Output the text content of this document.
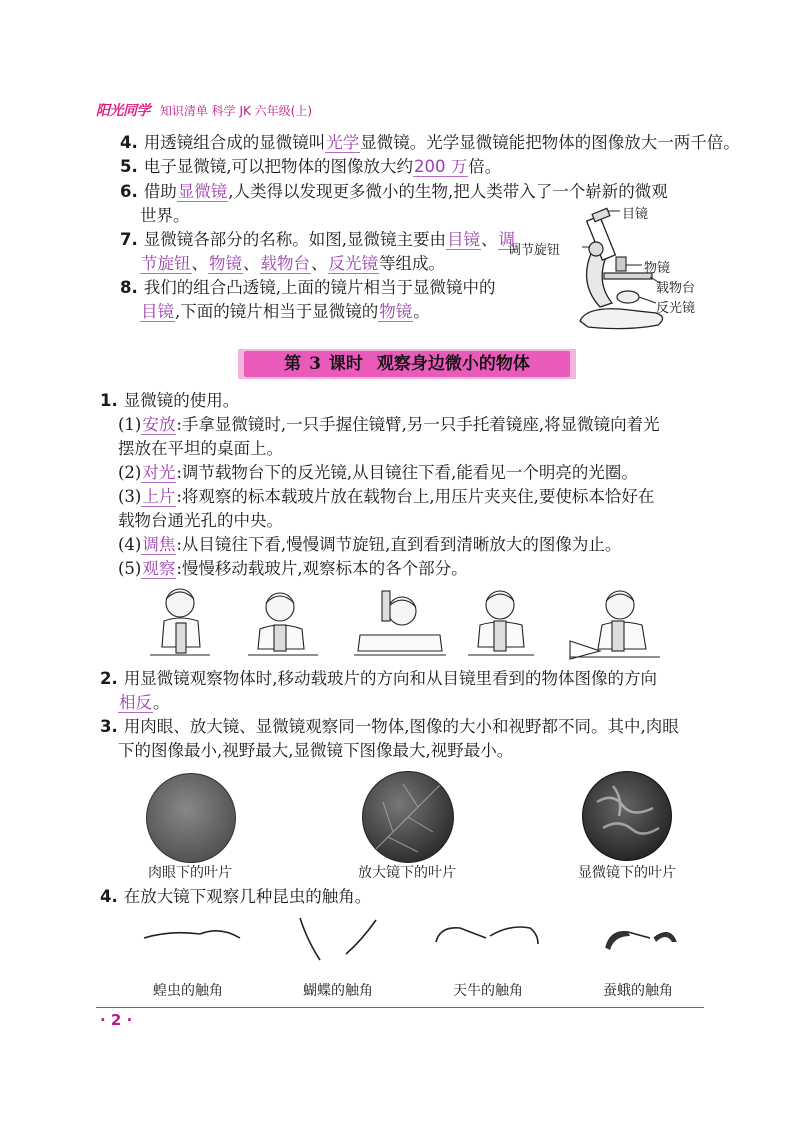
阳光同学 知识清单 科学 JK 六年级(上)
4. 用透镜组合成的显微镜叫光学显微镜。光学显微镜能把物体的图像放大一两千倍。
5. 电子显微镜,可以把物体的图像放大约200 万倍。
6. 借助显微镜,人类得以发现更多微小的生物,把人类带入了一个崭新的微观
世界。
7. 显微镜各部分的名称。如图,显微镜主要由目镜、调
节旋钮、物镜、载物台、反光镜等组成。
8. 我们的组合凸透镜,上面的镜片相当于显微镜中的
目镜,下面的镜片相当于显微镜的物镜。
目镜
调节旋钮
物镜
载物台
反光镜
第 3 课时 观察身边微小的物体
1. 显微镜的使用。
(1)安放:手拿显微镜时,一只手握住镜臂,另一只手托着镜座,将显微镜向着光
摆放在平坦的桌面上。
(2)对光:调节载物台下的反光镜,从目镜往下看,能看见一个明亮的光圈。
(3)上片:将观察的标本载玻片放在载物台上,用压片夹夹住,要使标本恰好在
载物台通光孔的中央。
(4)调焦:从目镜往下看,慢慢调节旋钮,直到看到清晰放大的图像为止。
(5)观察:慢慢移动载玻片,观察标本的各个部分。
2. 用显微镜观察物体时,移动载玻片的方向和从目镜里看到的物体图像的方向
相反。
3. 用肉眼、放大镜、显微镜观察同一物体,图像的大小和视野都不同。其中,肉眼
下的图像最小,视野最大,显微镜下图像最大,视野最小。
肉眼下的叶片	放大镜下的叶片	显微镜下的叶片
4. 在放大镜下观察几种昆虫的触角。
蝗虫的触角	蝴蝶的触角	天牛的触角	蚕蛾的触角
· 2 ·
